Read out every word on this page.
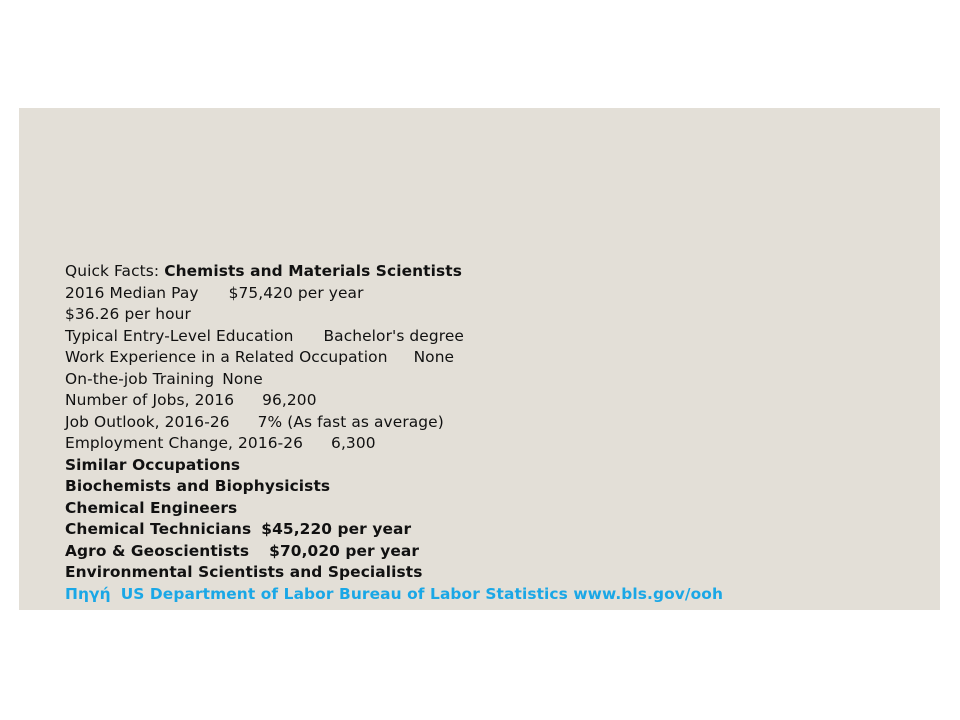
Quick Facts: Chemists and Materials Scientists
2016 Median Pay $75,420 per year
$36.26 per hour
Typical Entry-Level Education Bachelor's degree
Work Experience in a Related Occupation None
On-the-job Training None
Number of Jobs, 2016 96,200
Job Outlook, 2016-26 7% (As fast as average)
Employment Change, 2016-26 6,300
Similar Occupations
Biochemists and Biophysicists
Chemical Engineers
Chemical Technicians $45,220 per year
Agro & Geoscientists $70,020 per year
Environmental Scientists and Specialists
Πηγή US Department of Labor Bureau of Labor Statistics www.bls.gov/ooh
